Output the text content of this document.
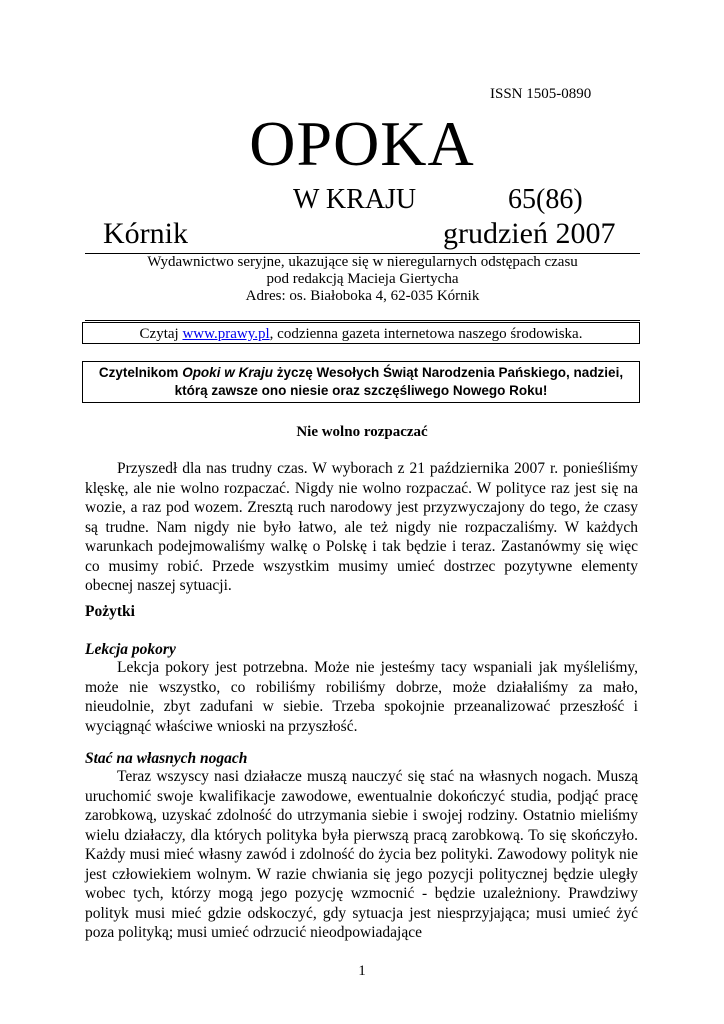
ISSN 1505-0890
OPOKA
W KRAJU	65(86)
Kórnik	grudzień 2007
Wydawnictwo seryjne, ukazujące się w nieregularnych odstępach czasu
pod redakcją Macieja Giertycha
Adres: os. Białoboka 4, 62-035 Kórnik
Czytaj www.prawy.pl, codzienna gazeta internetowa naszego środowiska.
Czytelnikom Opoki w Kraju życzę Wesołych Świąt Narodzenia Pańskiego, nadziei, którą zawsze ono niesie oraz szczęśliwego Nowego Roku!
Nie wolno rozpaczać
Przyszedł dla nas trudny czas. W wyborach z 21 października 2007 r. ponieśliśmy klęskę, ale nie wolno rozpaczać. Nigdy nie wolno rozpaczać. W polityce raz jest się na wozie, a raz pod wozem. Zresztą ruch narodowy jest przyzwyczajony do tego, że czasy są trudne. Nam nigdy nie było łatwo, ale też nigdy nie rozpaczaliśmy. W każdych warunkach podejmowaliśmy walkę o Polskę i tak będzie i teraz. Zastanówmy się więc co musimy robić. Przede wszystkim musimy umieć dostrzec pozytywne elementy obecnej naszej sytuacji.
Pożytki
Lekcja pokory
Lekcja pokory jest potrzebna. Może nie jesteśmy tacy wspaniali jak myśleliśmy, może nie wszystko, co robiliśmy robiliśmy dobrze, może działaliśmy za mało, nieudolnie, zbyt zadufani w siebie. Trzeba spokojnie przeanalizować przeszłość i wyciągnąć właściwe wnioski na przyszłość.
Stać na własnych nogach
Teraz wszyscy nasi działacze muszą nauczyć się stać na własnych nogach. Muszą uruchomić swoje kwalifikacje zawodowe, ewentualnie dokończyć studia, podjąć pracę zarobkową, uzyskać zdolność do utrzymania siebie i swojej rodziny. Ostatnio mieliśmy wielu działaczy, dla których polityka była pierwszą pracą zarobkową. To się skończyło. Każdy musi mieć własny zawód i zdolność do życia bez polityki. Zawodowy polityk nie jest człowiekiem wolnym. W razie chwiania się jego pozycji politycznej będzie uległy wobec tych, którzy mogą jego pozycję wzmocnić - będzie uzależniony. Prawdziwy polityk musi mieć gdzie odskoczyć, gdy sytuacja jest niesprzyjająca; musi umieć żyć poza polityką; musi umieć odrzucić nieodpowiadające
1
